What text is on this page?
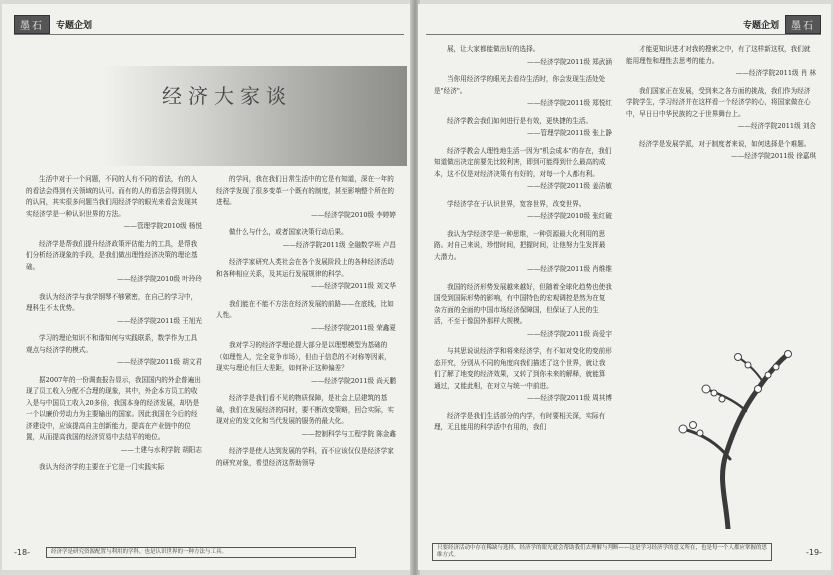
墨石	专题企划
经济大家谈

生活中对于一个问题，不同的人有不同的看法，有的人的看法会得到有关领域的认可。而有的人的看法会得到别人的认同，其实很多问题当我们用经济学的眼光来看会发现其实经济学是一种认识世界的方法。
——管理学院2010级 杨悦

经济学是帮我们提升经济政策评估能力的工具，是帮我们分析经济现象的手段，是我们做出理性经济决策的理论基础。
——经济学院2010级 叶玲玲

我认为经济学与我学钢琴不够紧密，在自己的学习中，理科生不太优势。
——经济学院2011级 王旭光

学习的理论知识不和谐知何与实践联系，数学作为工具观点与经济学的模式。
——经济学院2011级 胡文君

据2007年的一份调查报告显示，我国国内的外企普遍出现了员工收入分配不合理的现象，其中，外企本方员工的收入是与中国员工收入20多倍，我国本身的经济发展，却仍是一个以廉价劳动力为主要输出的国家。因此我国在今后的经济建设中，应该提高自主创新能力，提高在产业链中的位置，从而提高我国的经济贸易中去结平的地位。
——土建与水利学院 胡阳志

我认为经济学的主要在于它是一门实践实际

的学问，我在我们日常生活中的它是有知道，深在一年的经济学发现了很多变革一个既有的制度，甚至影响整个所在的进程。
——经济学院2010级 李婷婷

做什么与什么，或者国家决策行动后果。
——经济学院2011级 全融数学班 卢昌

经济学家研究人类社会在各个发展阶段上的各种经济活动和各种相应关系，及其运行发展规律的科学。
——经济学院2011级 刘文华

我们能在不能不方法在经济发展的前路——在底线，比如人性。
——经济学院2011级 荣鑫夏

我对学习的经济学理论提大部分是以理想模型为基础的（如理性人，完全竞争市场），但由于信息的不对称等因素，现实与理论有巨大差距，如何补正这种偏差？
——经济学院2011级 尚天鹏

经济学是我们看不见的物质保障，是社会上层建筑的基础，我们在发展经济的同时，要不断改变策略，回合实际，实现对应的发文化和当代发展的服务的最大化。
——控制科学与工程学院 陈金鑫

经济学是使人达到发展的学科，而不应该仅仅是经济学家的研究对象，希望经济这帮助领导

-18-	经济学是研究资源配置与利用的学科，也是认识世界的一种方法与工具。
专题企划	墨石

展，让大家都能做出好的选择。
——经济学院2011级 郑武涵

当你用经济学的眼光去看待生活时，你会发现生活处处是"经济"。
——经济学院2011级 郑悦红

经济学教会我们如何进行是有效，更快捷的生活。
——管理学院2011级 张上静

经济学教会人理性地生活一因为"机会成本"的存在，我们知道做出决定前要先比较利害，即到可能得到什么最高的成本，这不仅是对经济决策有有好的，对每一个人都有利。
——经济学院2011级 姜洁敏

学经济学在于认识世界，宽容世界，改变世界。
——经济学院2010级 张红破

我认为学经济学是一种思维，一种资源最大化利用的思路。对自己来说，珍惜时间，把握时间，让他努力生发挥最大潜力。
——经济学院2011级 肖维维

我国的经济形势发展越来越好，但随着全球化趋势也使我国受到国际形势的影响，有中国特色的宏观调控是然为在复杂方面的全面的中国市场经济保障国，但保证了人民的生活，不至于像国外那样大规模。
——经济学院2011级 尚爱宇

与其思说说经济学和将来经济学，有不如对变化的变前形态开究，分别从不同的角度向我们描述了这个世界，就让我们了解了地变的经济效果，又转了到你未来的解释，就能算通过，又能此相，在对立与统一中前进。
——经济学院2011级 周其博

经济学是我们生活部分的内学，有时要相关深，实际有理，无且能用的科学活中有用的，我们

才能更知识进才对我的搜索之中，有了这样新这权，我们就能用理性和理性去思考的能力。
——经济学院2011级 肖 林

我们国家正在发展，受到来之各方面的挑战，我们作为经济学院学生，学习经济并在这样看一个经济学的心，将国家做在心中，早日日中华民族的之于世界舞台上。
——经济学院2011级 刘含

经济学是发展学派，对于制度者来说，如何选择是个难题。
——经济学院2011级 徐嘉琪

只要经济活动中存在稀缺与选择，经济学的眼光就会帮助我们去理解与判断——这是学习经济学的意义所在，也是每一个人都应掌握的思维方式。	-19-
